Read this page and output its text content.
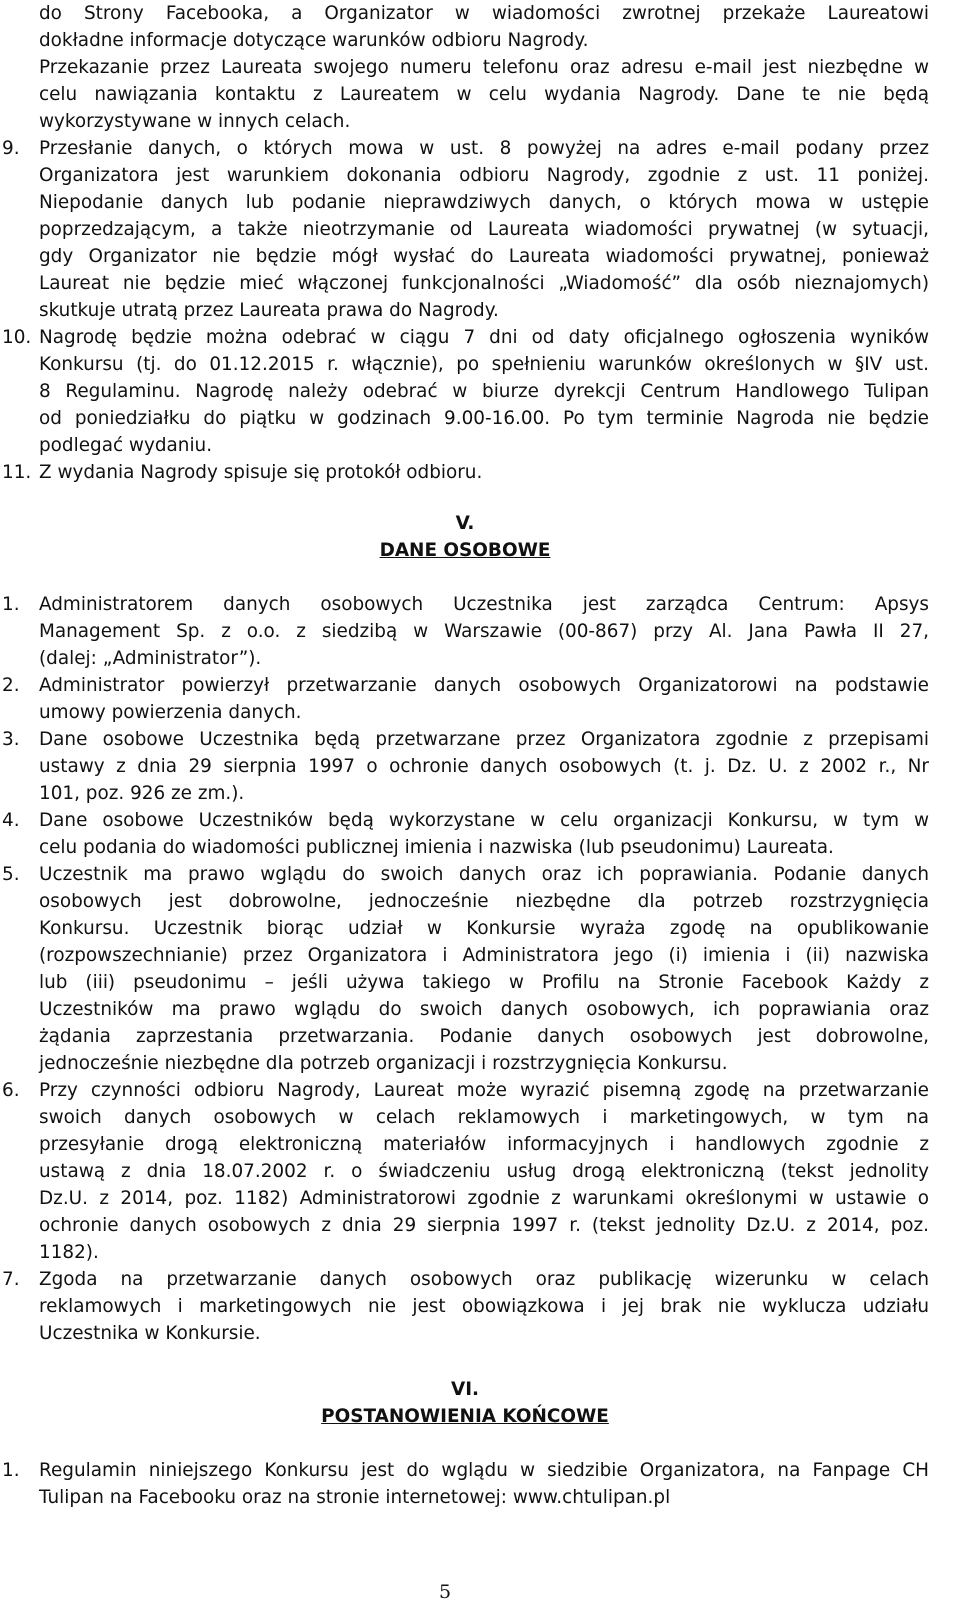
do Strony Facebooka, a Organizator w wiadomości zwrotnej przekaże Laureatowi
dokładne informacje dotyczące warunków odbioru Nagrody.
Przekazanie przez Laureata swojego numeru telefonu oraz adresu e-mail jest niezbędne w
celu nawiązania kontaktu z Laureatem w celu wydania Nagrody. Dane te nie będą
wykorzystywane w innych celach.
9. Przesłanie danych, o których mowa w ust. 8 powyżej na adres e-mail podany przez
Organizatora jest warunkiem dokonania odbioru Nagrody, zgodnie z ust. 11 poniżej.
Niepodanie danych lub podanie nieprawdziwych danych, o których mowa w ustępie
poprzedzającym, a także nieotrzymanie od Laureata wiadomości prywatnej (w sytuacji,
gdy Organizator nie będzie mógł wysłać do Laureata wiadomości prywatnej, ponieważ
Laureat nie będzie mieć włączonej funkcjonalności „Wiadomość” dla osób nieznajomych)
skutkuje utratą przez Laureata prawa do Nagrody.
10. Nagrodę będzie można odebrać w ciągu 7 dni od daty oficjalnego ogłoszenia wyników
Konkursu (tj. do 01.12.2015 r. włącznie), po spełnieniu warunków określonych w §IV ust.
8 Regulaminu. Nagrodę należy odebrać w biurze dyrekcji Centrum Handlowego Tulipan
od poniedziałku do piątku w godzinach 9.00-16.00. Po tym terminie Nagroda nie będzie
podlegać wydaniu.
11. Z wydania Nagrody spisuje się protokół odbioru.
V.
DANE OSOBOWE
1. Administratorem danych osobowych Uczestnika jest zarządca Centrum: Apsys
Management Sp. z o.o. z siedzibą w Warszawie (00-867) przy Al. Jana Pawła II 27,
(dalej: „Administrator”).
2. Administrator powierzył przetwarzanie danych osobowych Organizatorowi na podstawie
umowy powierzenia danych.
3. Dane osobowe Uczestnika będą przetwarzane przez Organizatora zgodnie z przepisami
ustawy z dnia 29 sierpnia 1997 o ochronie danych osobowych (t. j. Dz. U. z 2002 r., Nr
101, poz. 926 ze zm.).
4. Dane osobowe Uczestników będą wykorzystane w celu organizacji Konkursu, w tym w
celu podania do wiadomości publicznej imienia i nazwiska (lub pseudonimu) Laureata.
5. Uczestnik ma prawo wglądu do swoich danych oraz ich poprawiania. Podanie danych
osobowych jest dobrowolne, jednocześnie niezbędne dla potrzeb rozstrzygnięcia
Konkursu. Uczestnik biorąc udział w Konkursie wyraża zgodę na opublikowanie
(rozpowszechnianie) przez Organizatora i Administratora jego (i) imienia i (ii) nazwiska
lub (iii) pseudonimu – jeśli używa takiego w Profilu na Stronie Facebook Każdy z
Uczestników ma prawo wglądu do swoich danych osobowych, ich poprawiania oraz
żądania zaprzestania przetwarzania. Podanie danych osobowych jest dobrowolne,
jednocześnie niezbędne dla potrzeb organizacji i rozstrzygnięcia Konkursu.
6. Przy czynności odbioru Nagrody, Laureat może wyrazić pisemną zgodę na przetwarzanie
swoich danych osobowych w celach reklamowych i marketingowych, w tym na
przesyłanie drogą elektroniczną materiałów informacyjnych i handlowych zgodnie z
ustawą z dnia 18.07.2002 r. o świadczeniu usług drogą elektroniczną (tekst jednolity
Dz.U. z 2014, poz. 1182) Administratorowi zgodnie z warunkami określonymi w ustawie o
ochronie danych osobowych z dnia 29 sierpnia 1997 r. (tekst jednolity Dz.U. z 2014, poz.
1182).
7. Zgoda na przetwarzanie danych osobowych oraz publikację wizerunku w celach
reklamowych i marketingowych nie jest obowiązkowa i jej brak nie wyklucza udziału
Uczestnika w Konkursie.
VI.
POSTANOWIENIA KOŃCOWE
1. Regulamin niniejszego Konkursu jest do wglądu w siedzibie Organizatora, na Fanpage CH
Tulipan na Facebooku oraz na stronie internetowej: www.chtulipan.pl
5
